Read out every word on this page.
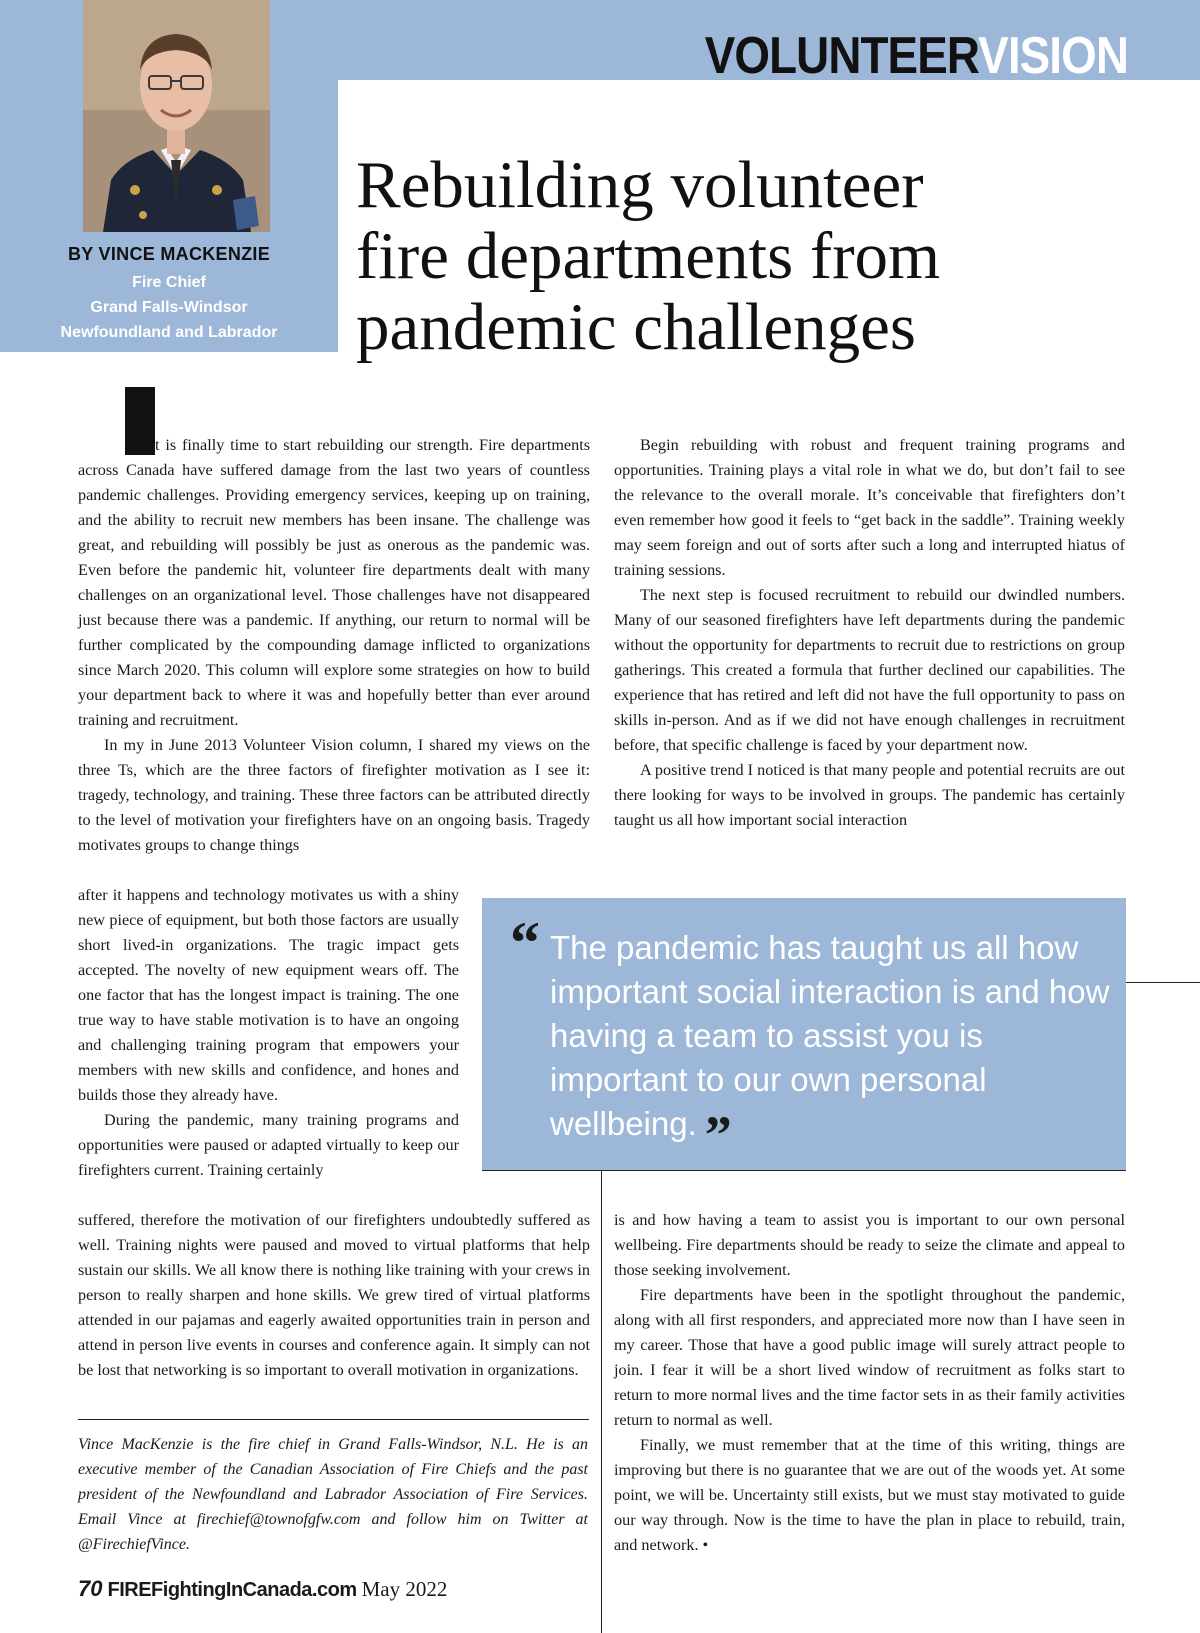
BY VINCE MACKENZIE
Fire Chief
Grand Falls-Windsor
Newfoundland and Labrador
VOLUNTEERVISION
Rebuilding volunteer
fire departments from
pandemic challenges

t is finally time to start rebuilding our strength. Fire departments across Canada have suffered damage from the last two years of countless pandemic challenges. Providing emergency services, keeping up on training, and the ability to recruit new members has been insane. The challenge was great, and rebuilding will possibly be just as onerous as the pandemic was. Even before the pandemic hit, volunteer fire departments dealt with many challenges on an organizational level. Those challenges have not disappeared just because there was a pandemic. If anything, our return to normal will be further complicated by the compounding damage inflicted to organizations since March 2020. This column will explore some strategies on how to build your department back to where it was and hopefully better than ever around training and recruitment.

In my in June 2013 Volunteer Vision column, I shared my views on the three Ts, which are the three factors of firefighter motivation as I see it: tragedy, technology, and training. These three factors can be attributed directly to the level of motivation your firefighters have on an ongoing basis. Tragedy motivates groups to change things

after it happens and technology motivates us with a shiny new piece of equipment, but both those factors are usually short lived-in organizations. The tragic impact gets accepted. The novelty of new equipment wears off. The one factor that has the longest impact is training. The one true way to have stable motivation is to have an ongoing and challenging training program that empowers your members with new skills and confidence, and hones and builds those they already have.

During the pandemic, many training programs and opportunities were paused or adapted virtually to keep our firefighters current. Training certainly

suffered, therefore the motivation of our firefighters undoubtedly suffered as well. Training nights were paused and moved to virtual platforms that help sustain our skills. We all know there is nothing like training with your crews in person to really sharpen and hone skills. We grew tired of virtual platforms attended in our pajamas and eagerly awaited opportunities train in person and attend in person live events in courses and conference again. It simply can not be lost that networking is so important to overall motivation in organizations.

Begin rebuilding with robust and frequent training programs and opportunities. Training plays a vital role in what we do, but don’t fail to see the relevance to the overall morale. It’s conceivable that firefighters don’t even remember how good it feels to “get back in the saddle”. Training weekly may seem foreign and out of sorts after such a long and interrupted hiatus of training sessions.

The next step is focused recruitment to rebuild our dwindled numbers. Many of our seasoned firefighters have left departments during the pandemic without the opportunity for departments to recruit due to restrictions on group gatherings. This created a formula that further declined our capabilities. The experience that has retired and left did not have the full opportunity to pass on skills in-person. And as if we did not have enough challenges in recruitment before, that specific challenge is faced by your department now.

A positive trend I noticed is that many people and potential recruits are out there looking for ways to be involved in groups. The pandemic has certainly taught us all how important social interaction

is and how having a team to assist you is important to our own personal wellbeing. Fire departments should be ready to seize the climate and appeal to those seeking involvement.

Fire departments have been in the spotlight throughout the pandemic, along with all first responders, and appreciated more now than I have seen in my career. Those that have a good public image will surely attract people to join. I fear it will be a short lived window of recruitment as folks start to return to more normal lives and the time factor sets in as their family activities return to normal as well.

Finally, we must remember that at the time of this writing, things are improving but there is no guarantee that we are out of the woods yet. At some point, we will be. Uncertainty still exists, but we must stay motivated to guide our way through. Now is the time to have the plan in place to rebuild, train, and network. •

“ The pandemic has taught us all how important social interaction is and how having a team to assist you is important to our own personal wellbeing. ”
Vince MacKenzie is the fire chief in Grand Falls-Windsor, N.L. He is an executive member of the Canadian Association of Fire Chiefs and the past president of the Newfoundland and Labrador Association of Fire Services. Email Vince at firechief@townofgfw.com and follow him on Twitter at @FirechiefVince.
70 FIREFightingInCanada.com May 2022
